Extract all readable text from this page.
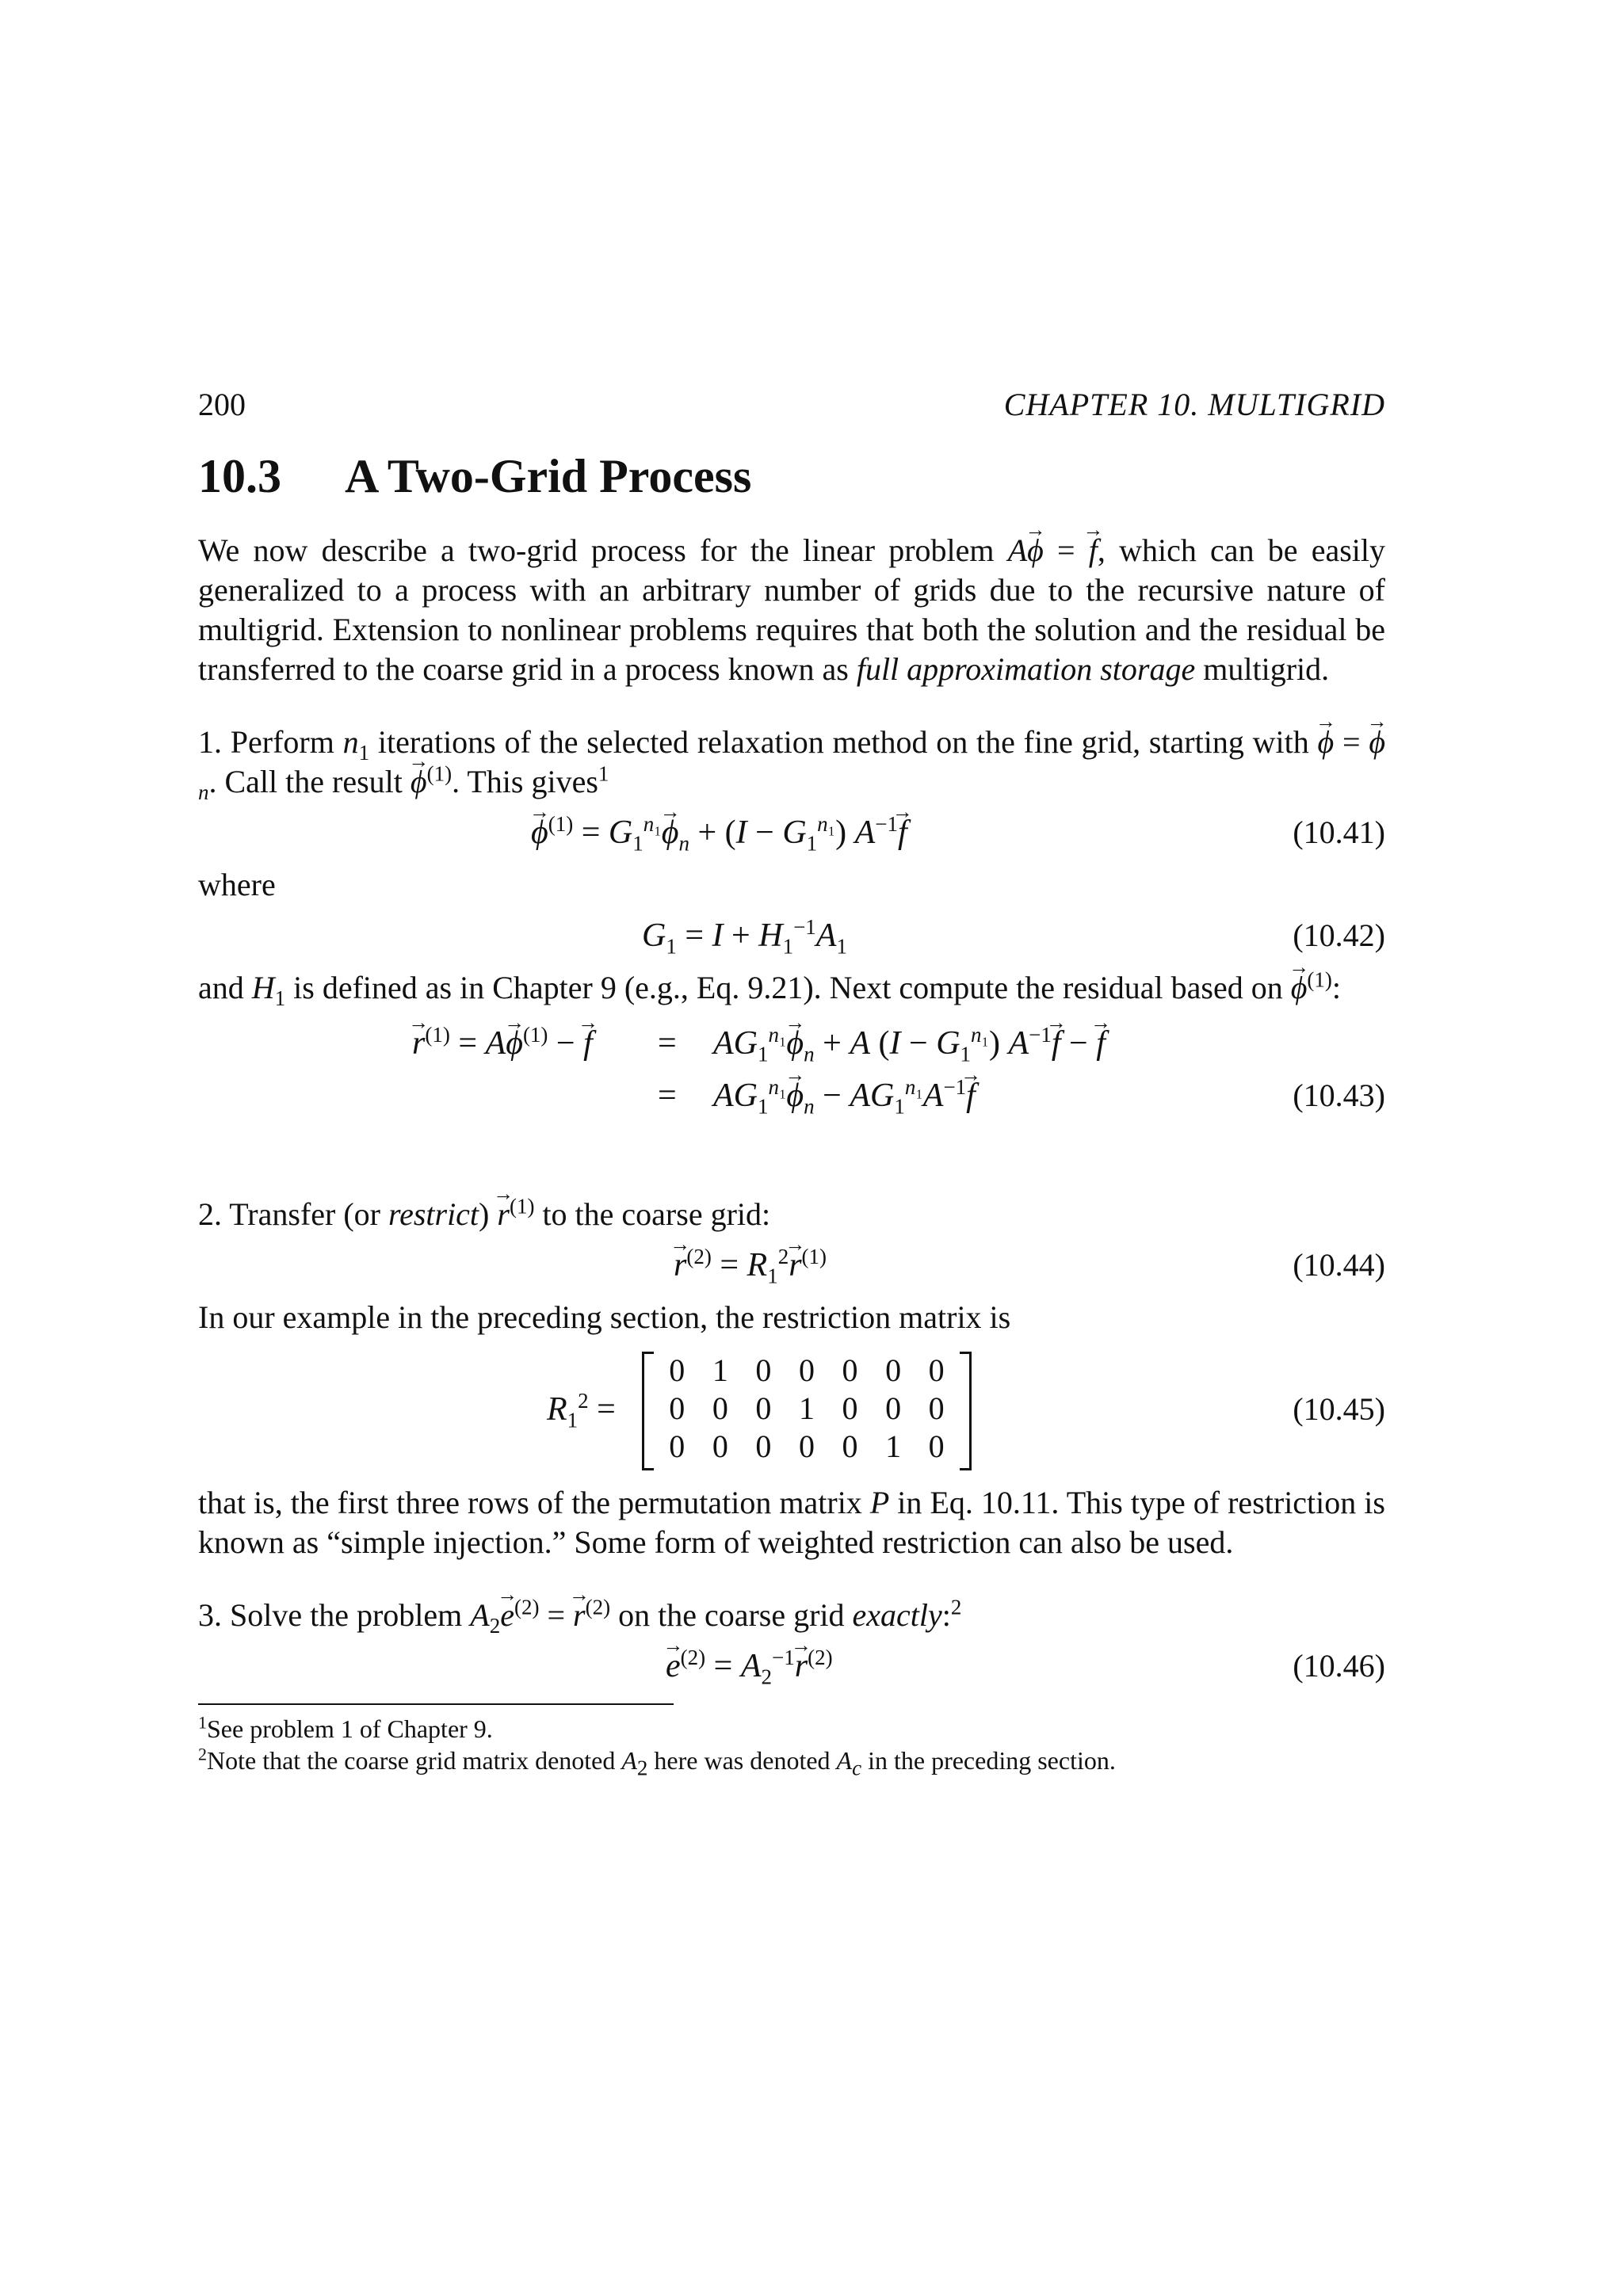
200	CHAPTER 10. MULTIGRID
10.3	A Two-Grid Process

We now describe a two-grid process for the linear problem A→ ϕ = → f, which can be easily generalized to a process with an arbitrary number of grids due to the recursive nature of multigrid. Extension to nonlinear problems requires that both the solution and the residual be transferred to the coarse grid in a process known as full approximation storage multigrid.

1. Perform $n_1$ iterations of the selected relaxation method on the fine grid, starting with → ϕ = → $\phi_n$. Call the result → $\phi^{(1)}$. This gives$^1$

→ $\phi^{(1)} = G_1^{n_1}\to \phi_n + (I - G_1^{n_1})$ $A^{-1}\to f$	(10.41)

where

$G_1 = I + H_1^{-1}A_1$	(10.42)

and $H_1$ is defined as in Chapter 9 (e.g., Eq. 9.21). Next compute the residual based on → $\phi^{(1)}$:

→ $r^{(1)} = A\to \phi^{(1)}$ − → $f = AG_1^{n_1}\to \phi_n + A$ $(I - G_1^{n_1})$ $A^{-1}\to f$ − → f
= $AG_1^{n_1}\to \phi_n - AG_1^{n_1}A^{-1}\to f$	(10.43)

2. Transfer (or restrict) → $r^{(1)}$ to the coarse grid:

→ $r^{(2)} = R_1^2\to r^{(1)}$	(10.44)

In our example in the preceding section, the restriction matrix is

$R_1^2$ =
0 1 0 0 0 0 0
0 0 0 1 0 0 0
0 0 0 0 0 1 0
(10.45)

that is, the first three rows of the permutation matrix P in Eq. 10.11. This type of restriction is known as “simple injection.” Some form of weighted restriction can also be used.

3. Solve the problem $A_2\to e^{(2)}$ = → $r^{(2)}$ on the coarse grid exactly:$^2$

→ $e^{(2)} = A_2^{-1}\to r^{(2)}$	(10.46)
$^1$See problem 1 of Chapter 9.
$^2$Note that the coarse grid matrix denoted $A_2$ here was denoted $A_c$ in the preceding section.
